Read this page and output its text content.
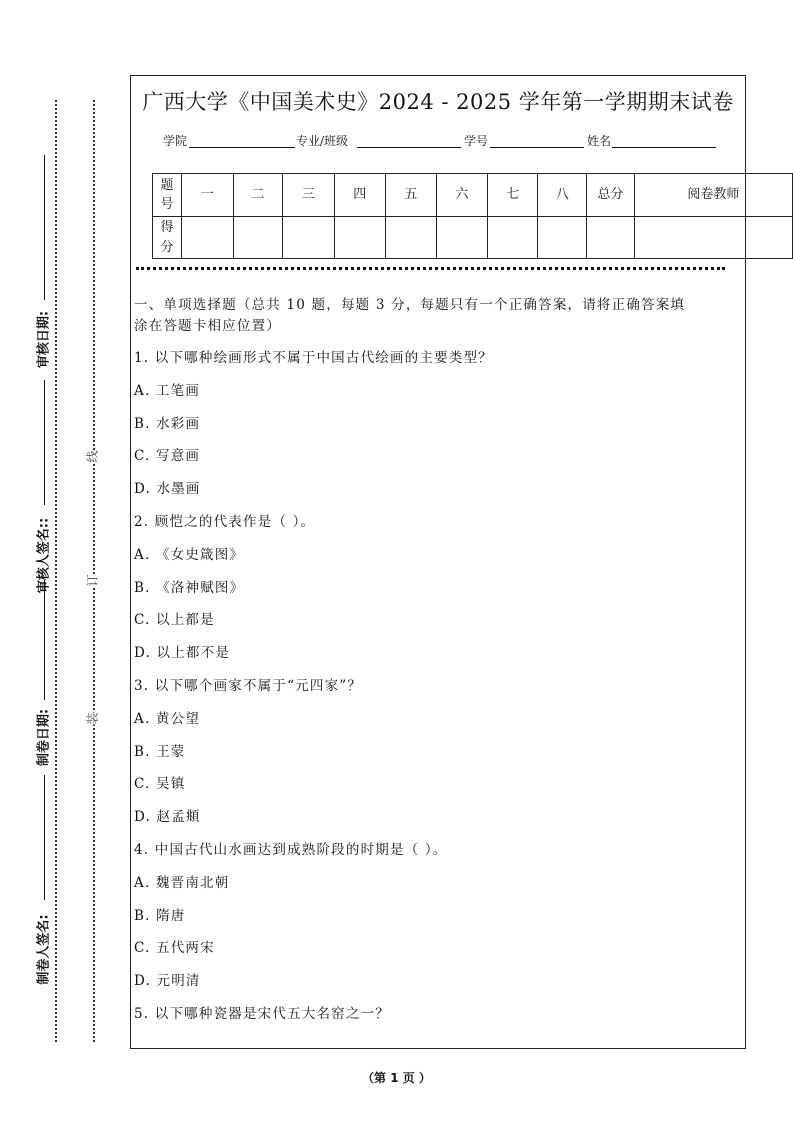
审核日期:
审核人签名::
制卷日期:
制卷人签名:
线
订
装
广西大学《中国美术史》2024 - 2025 学年第一学期期末试卷
学院	专业/班级	学号	姓名
题
号	一	二	三	四	五	六	七	八	总分	阅卷教师
得
分										
一、单项选择题（总共 10 题，每题 3 分，每题只有一个正确答案，请将正确答案填
涂在答题卡相应位置）
1. 以下哪种绘画形式不属于中国古代绘画的主要类型？
A. 工笔画
B. 水彩画
C. 写意画
D. 水墨画
2. 顾恺之的代表作是（ ）。
A. 《女史箴图》
B. 《洛神赋图》
C. 以上都是
D. 以上都不是
3. 以下哪个画家不属于“元四家”？
A. 黄公望
B. 王蒙
C. 吴镇
D. 赵孟頫
4. 中国古代山水画达到成熟阶段的时期是（ ）。
A. 魏晋南北朝
B. 隋唐
C. 五代两宋
D. 元明清
5. 以下哪种瓷器是宋代五大名窑之一？
（第 1 页 ）
